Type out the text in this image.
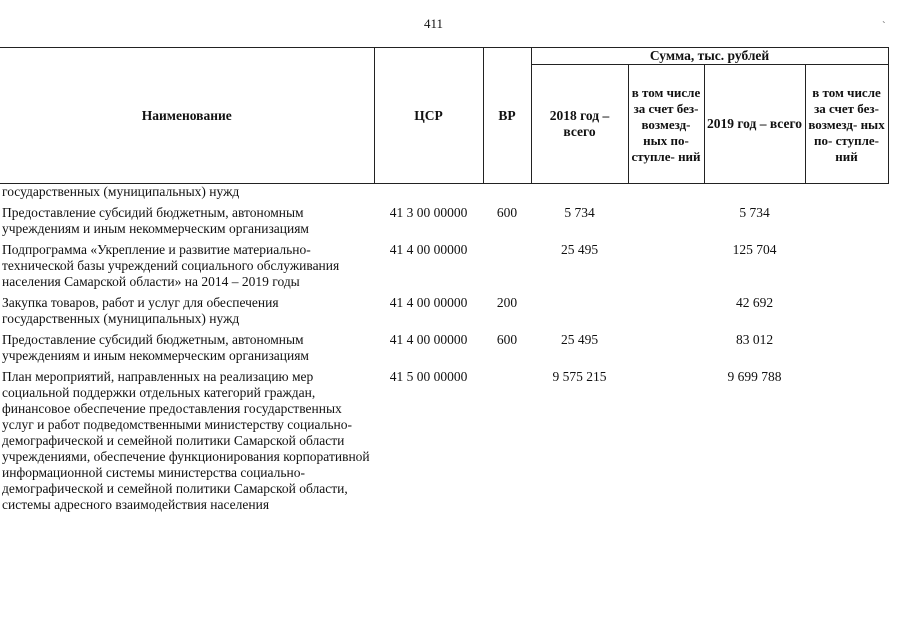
411	`
Наименование	ЦСР	ВР	Сумма, тыс. рублей			
			2018 год – всего	в том числе за счет без- возмезд- ных по- ступле- ний	2019 год – всего	в том числе за счет без- возмезд- ных по- ступле- ний
государственных (муниципальных) нужд						
Предоставление субсидий бюджетным, автономным учреждениям и иным некоммерческим организациям	41 3 00 00000	600	5 734		5 734	
Подпрограмма «Укрепление и развитие материально-технической базы учреждений социального обслуживания населения Самарской области» на 2014 – 2019 годы	41 4 00 00000		25 495		125 704	
Закупка товаров, работ и услуг для обеспечения государственных (муниципальных) нужд	41 4 00 00000	200			42 692	
Предоставление субсидий бюджетным, автономным учреждениям и иным некоммерческим организациям	41 4 00 00000	600	25 495		83 012	
План мероприятий, направленных на реализацию мер социальной поддержки отдельных категорий граждан, финансовое обеспечение предоставления государственных услуг и работ подведомственными министерству социально-демографической и семейной политики Самарской области учреждениями, обеспечение функционирования корпоративной информационной системы министерства социально-демографической и семейной политики Самарской области, системы адресного взаимодействия населения	41 5 00 00000		9 575 215		9 699 788	
